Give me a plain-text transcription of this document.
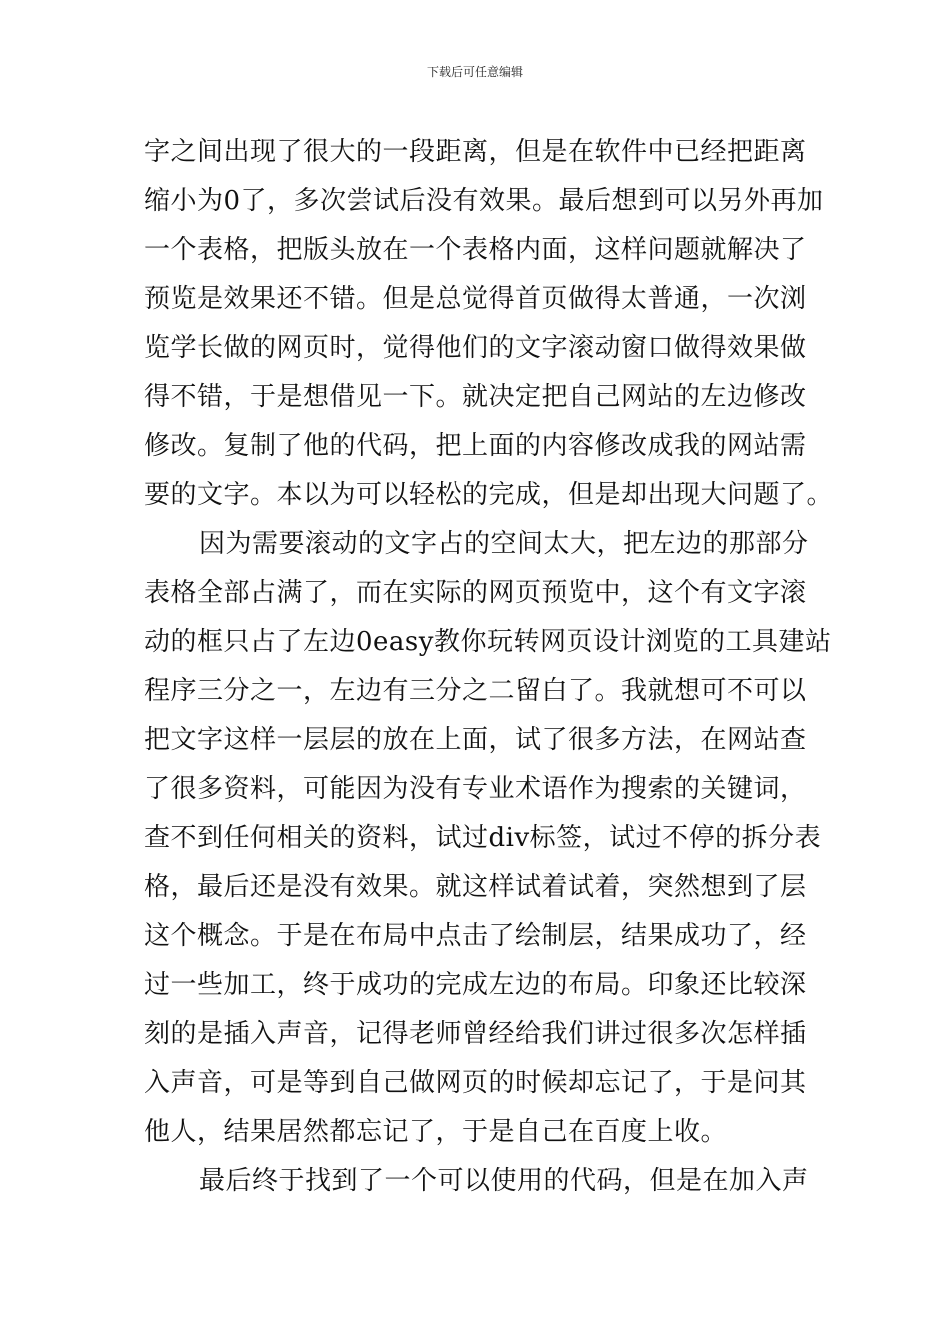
下载后可任意编辑
字之间出现了很大的一段距离，但是在软件中已经把距离
缩小为0了，多次尝试后没有效果。最后想到可以另外再加
一个表格，把版头放在一个表格内面，这样问题就解决了
预览是效果还不错。但是总觉得首页做得太普通，一次浏
览学长做的网页时，觉得他们的文字滚动窗口做得效果做
得不错，于是想借见一下。就决定把自己网站的左边修改
修改。复制了他的代码，把上面的内容修改成我的网站需
要的文字。本以为可以轻松的完成，但是却出现大问题了。
因为需要滚动的文字占的空间太大，把左边的那部分
表格全部占满了，而在实际的网页预览中，这个有文字滚
动的框只占了左边0easy教你玩转网页设计浏览的工具建站
程序三分之一，左边有三分之二留白了。我就想可不可以
把文字这样一层层的放在上面，试了很多方法，在网站查
了很多资料，可能因为没有专业术语作为搜索的关键词，
查不到任何相关的资料，试过div标签，试过不停的拆分表
格，最后还是没有效果。就这样试着试着，突然想到了层
这个概念。于是在布局中点击了绘制层，结果成功了，经
过一些加工，终于成功的完成左边的布局。印象还比较深
刻的是插入声音，记得老师曾经给我们讲过很多次怎样插
入声音，可是等到自己做网页的时候却忘记了，于是问其
他人，结果居然都忘记了，于是自己在百度上收。
最后终于找到了一个可以使用的代码，但是在加入声
